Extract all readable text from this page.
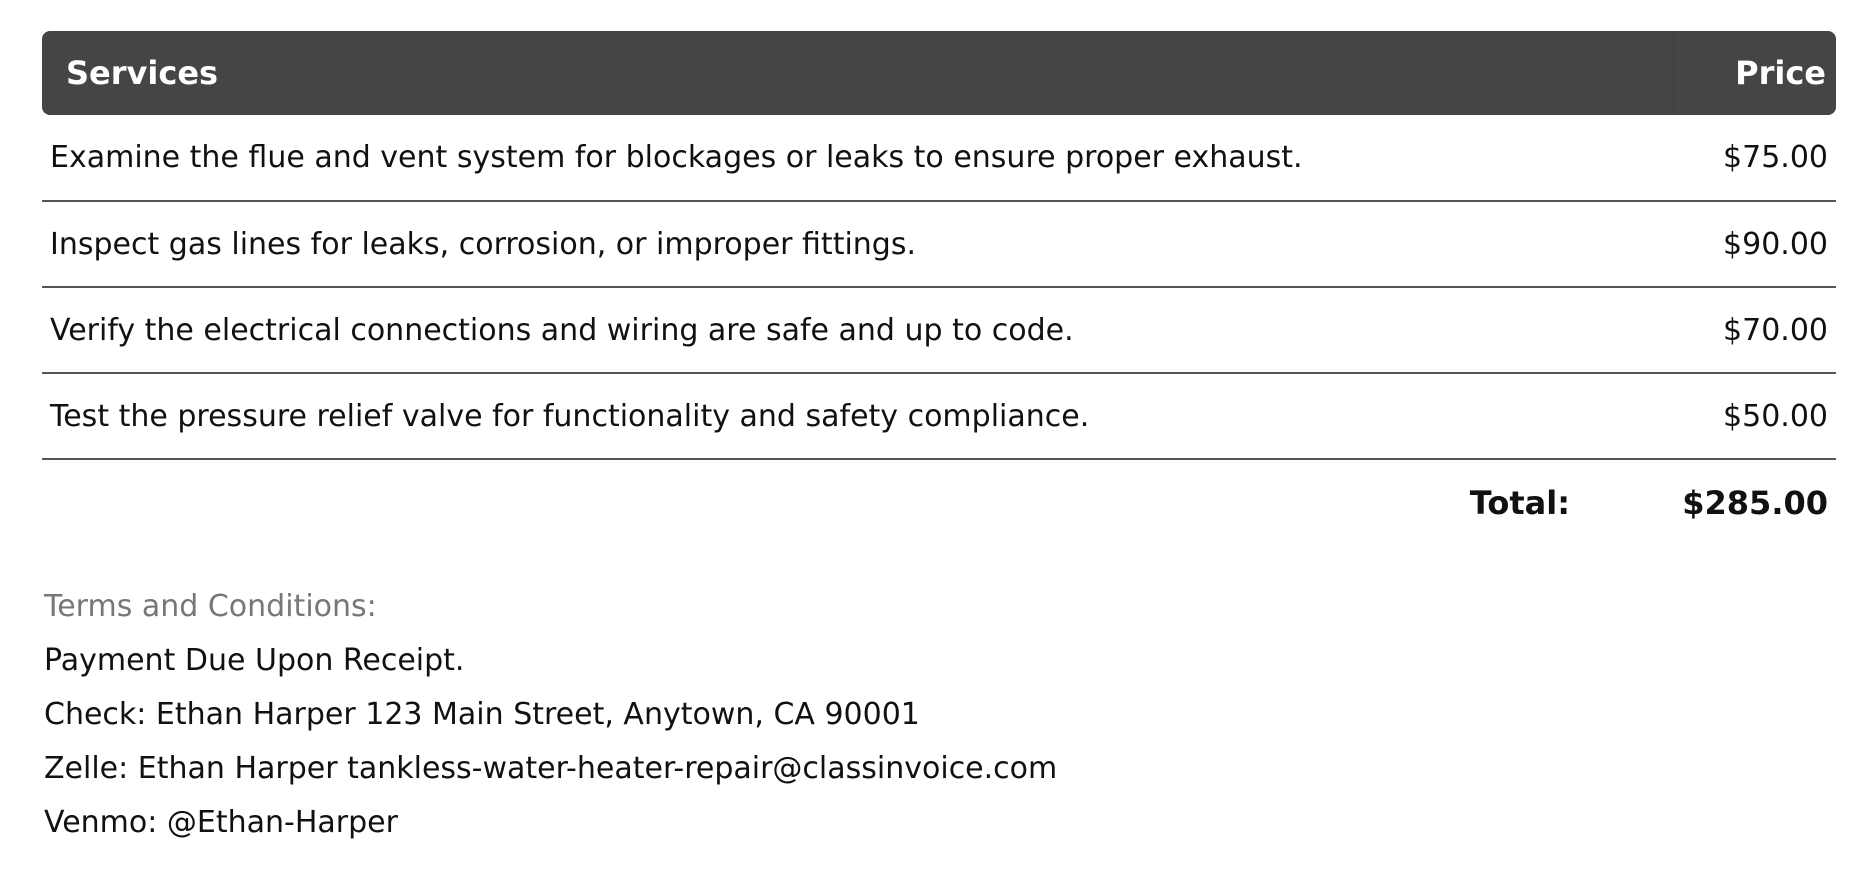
Services	Price
Examine the flue and vent system for blockages or leaks to ensure proper exhaust.	$75.00
Inspect gas lines for leaks, corrosion, or improper fittings.	$90.00
Verify the electrical connections and wiring are safe and up to code.	$70.00
Test the pressure relief valve for functionality and safety compliance.	$50.00
Total:	$285.00
Terms and Conditions:
Payment Due Upon Receipt.
Check: Ethan Harper 123 Main Street, Anytown, CA 90001
Zelle: Ethan Harper tankless-water-heater-repair@classinvoice.com
Venmo: @Ethan-Harper
